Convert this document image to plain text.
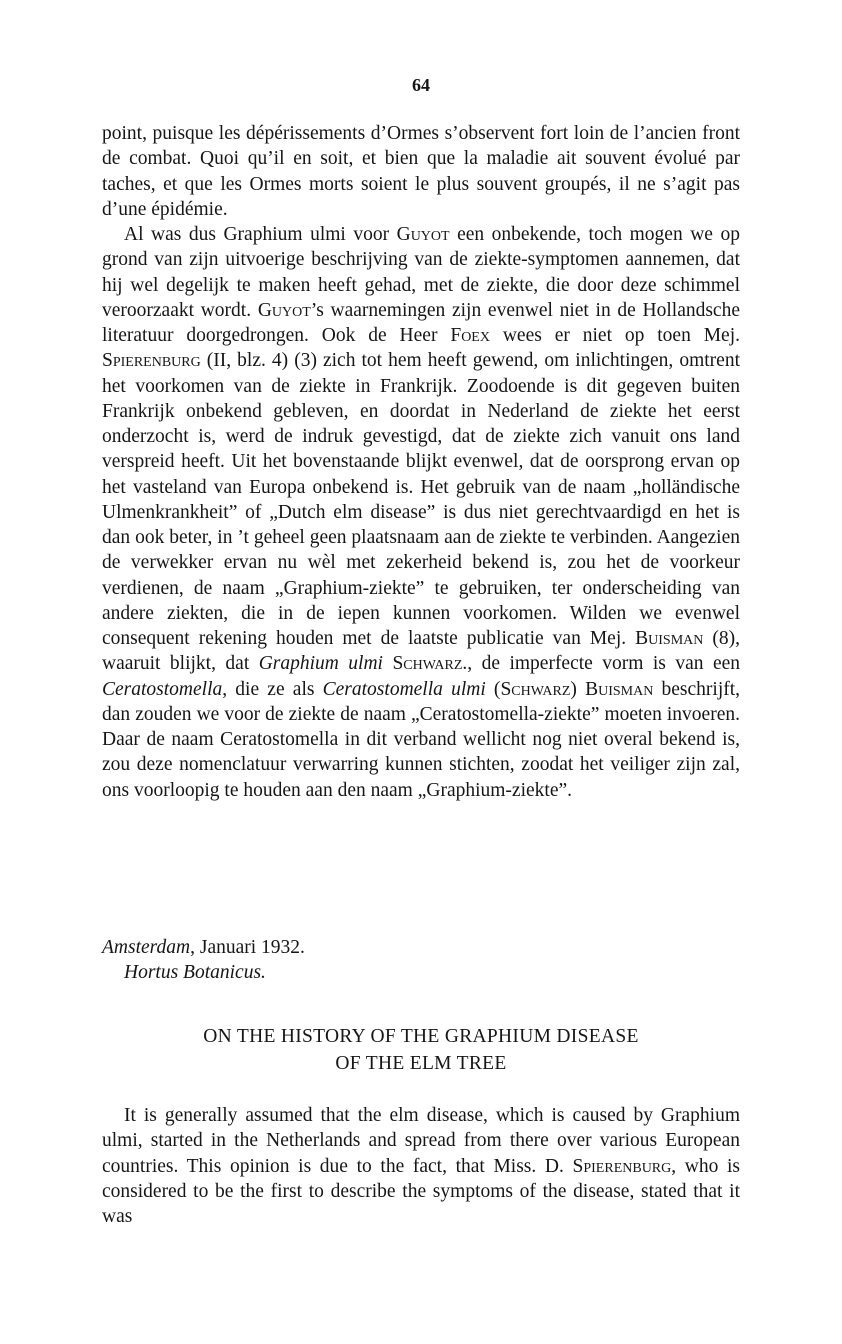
64

point, puisque les dépérissements d’Ormes s’observent fort loin de l’ancien front de combat. Quoi qu’il en soit, et bien que la maladie ait souvent évolué par taches, et que les Ormes morts soient le plus souvent groupés, il ne s’agit pas d’une épidémie.

Al was dus Graphium ulmi voor Guyot een onbekende, toch mogen we op grond van zijn uitvoerige beschrijving van de ziekte-symptomen aannemen, dat hij wel degelijk te maken heeft gehad, met de ziekte, die door deze schimmel veroorzaakt wordt. Guyot’s waarnemingen zijn evenwel niet in de Hollandsche literatuur doorgedrongen. Ook de Heer Foex wees er niet op toen Mej. Spierenburg (II, blz. 4) (3) zich tot hem heeft gewend, om inlichtingen, omtrent het voorkomen van de ziekte in Frankrijk. Zoodoende is dit gegeven buiten Frankrijk onbekend gebleven, en doordat in Nederland de ziekte het eerst onderzocht is, werd de indruk gevestigd, dat de ziekte zich vanuit ons land verspreid heeft. Uit het bovenstaande blijkt evenwel, dat de oorsprong ervan op het vasteland van Europa onbekend is. Het gebruik van de naam „holländische Ulmenkrankheit” of „Dutch elm disease” is dus niet gerechtvaardigd en het is dan ook beter, in ’t geheel geen plaatsnaam aan de ziekte te verbinden. Aangezien de verwekker ervan nu wèl met zekerheid bekend is, zou het de voorkeur verdienen, de naam „Graphium-ziekte” te gebruiken, ter onderscheiding van andere ziekten, die in de iepen kunnen voorkomen. Wilden we evenwel consequent rekening houden met de laatste publicatie van Mej. Buisman (8), waaruit blijkt, dat Graphium ulmi Schwarz., de imperfecte vorm is van een Ceratostomella, die ze als Ceratostomella ulmi (Schwarz) Buisman beschrijft, dan zouden we voor de ziekte de naam „Ceratostomella-ziekte” moeten invoeren. Daar de naam Ceratostomella in dit verband wellicht nog niet overal bekend is, zou deze nomenclatuur verwarring kunnen stichten, zoodat het veiliger zijn zal, ons voorloopig te houden aan den naam „Graphium-ziekte”.

Amsterdam, Januari 1932.
Hortus Botanicus.
ON THE HISTORY OF THE GRAPHIUM DISEASE
OF THE ELM TREE

It is generally assumed that the elm disease, which is caused by Graphium ulmi, started in the Netherlands and spread from there over various European countries. This opinion is due to the fact, that Miss. D. Spierenburg, who is considered to be the first to describe the symptoms of the disease, stated that it was
